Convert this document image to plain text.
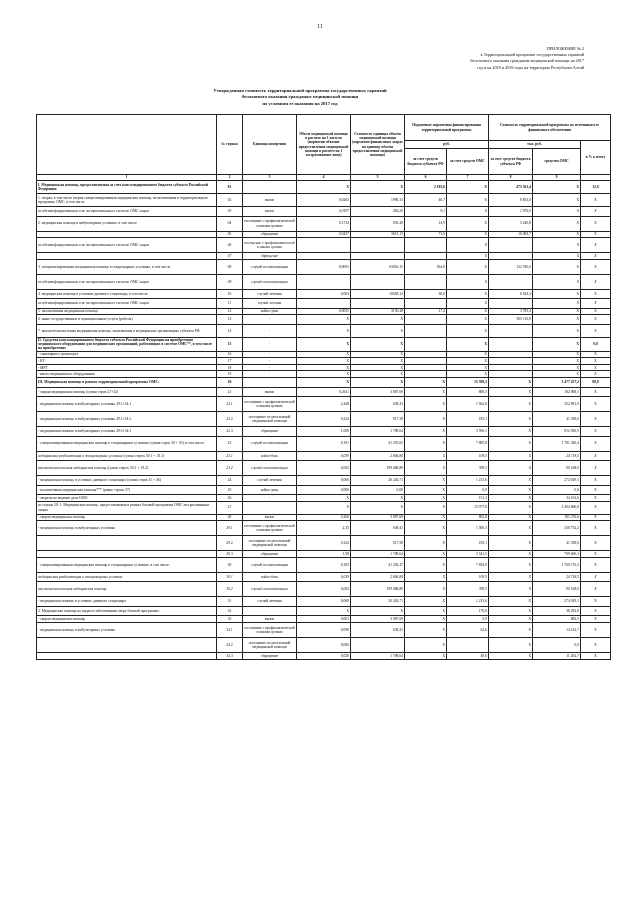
11
ПРИЛОЖЕНИЕ № 2
к Территориальной программе государственных гарантий
бесплатного оказания гражданам медицинской помощи на 2017
год и на 2018 и 2019 годы на территории Республики Алтай
Утвержденная стоимость территориальной программы государственных гарантий
бесплатного оказания гражданам медицинской помощи
по условиям ее оказания на 2017 год
	№ строки	Единица измерения	Объем медицинской помощи в расчете на 1 жителя (норматив объемов предоставления медицинской помощи в расчете на 1 застрахованное лицо)	Стоимость единицы объема медицинской помощи (норматив финансовых затрат на единицу объема предоставления медицинской помощи)	Подушевые нормативы финансирования территориальной программы		Стоимость территориальной программы по источникам ее финансового обеспечения		
					руб.		тыс. руб.		в % к итогу
					за счет средств бюджета субъекта РФ	за счет средств ОМС	за счет средств бюджета субъекта РФ	средства ОМС	
1	2	3	4	5	6	7	8	9	
I. Медицинская помощь, предоставляемая за счет консолидированного бюджета субъекта Российской Федерации	01		X	X	2 185,6	X	475 361,4	X	12,0
1. скорая, в том числе скорая специализированная медицинская помощь, не включенная в территориальную программу ОМС, в том числе	02	вызов	0,0203	1990,13	40,7	X	8 853,0	X	X
не идентифицированным и не застрахованным в системе ОМС лицам	03	вызов	0,0197	450,25	9,1	X	1 976,0	X	X
2. медицинская помощь в амбулаторных условиях, в том числе	04	посещение с профилактической и иными целями	0,1734	835,40	14,9	X	3 240,8	X	X
	05	обращение	0,0457	3615,13	73,6	X	16 083,7	X	X
не идентифицированным и не застрахованным в системе ОМС лицам	06	посещение с профилактической и иными целями				X		X	X
	07	обращение				X		X	X
3. специализированная медицинская помощь в стационарных условиях, в том числе	08	случай госпитализации	0,0091	63016,15	564,0	X	122 910,6	X	X
не идентифицированным и не застрахованным в системе ОМС лицам	09	случай госпитализации				X		X	X
4. медицинская помощь в условиях дневного стационара, в том числе	10	случай лечения	0,003	10658,14	30,0	X	6 544,3	X	X
не идентифицированным и не застрахованным в системе ОМС лицам	11	случай лечения				X		X	X
5. паллиативная медицинская помощь	12	койко-день	0,0055	3150,48	17,4	X	3 785,4	X	X
6. иные государственные и муниципальные услуги (работы)	13	-	X	X		X	305 110,0	X	X
7. высокотехнологичная медицинская помощь, оказываемая в медицинских организациях субъекта РФ	14	-	X	X		X		X	X
II. Средства консолидированного бюджета субъекта Российской Федерации на приобретение медицинского оборудования для медицинских организаций, работающих в системе ОМС**, в том числе на приобретение	15	-	X	X		X		X	0,0
- санитарного транспорта	16	-	X	X		X		X	X
- КТ	17	-	X	X		X		X	X
- МРТ	18	-	X	X		X		X	X
- иного медицинского оборудования	19	-	X	X		X		X	X
III. Медицинская помощь в рамках территориальной программы ОМС:	20		X	X	X	15 399,2	X	3 477 257,2	88,0
- скорая медицинская помощь (сумма строк 27+32)	21	вызов	0,2611	3 087,69	X	806,3	X	182 068,1	X
- медицинская помощь в амбулаторных условиях 29.1+34.1	22.1	посещение с профилактической и иными целями	2,448	638,41	X	1 562,8	X	352 891,9	X
- медицинская помощь в амбулаторных условиях 29.1+34.2	22.2	посещение по неотложной медицинской помощи	0,224	817,58	X	183,1	X	41 358,6	X
- медицинская помощь в амбулаторных условиях 29.3+34.3	22.3	обращение	1,008	1 788,64	X	3 596,1	X	812 030,5	X
- специализированная медицинская помощь в стационарных условиях (сумма строк 30 + 35), в том числе:	23	случай госпитализации	0,191	41 255,02	X	7 885,8	X	1 781 340,4	X
медицинская реабилитация в стационарных условиях (сумма строк 30.1 + 35.1)	23.1	койко-день	0,039	2 806,84	X	109,5	X	24 718,5	X
высокотехнологичная медицинская помощь (сумма строк 30.2 + 35.2)	23.2	случай госпитализации	0,002	199 486,80	X	399,3	X	90 168,0	X
- медицинская помощь в условиях дневного стационара (сумма строк 31 + 36)	24	случай лечения	0,060	20 226,71	X	1 213,6	X	274 029,1	X
- паллиативная медицинская помощь*** (равно строке 37)	25	койко-день	0,000	0,00	X	0,0	X	0,0	X
- затраты на ведение дела СМО	26	-	X	X	X	151,3	X	34 162,6	X
из строки 20: 1. Медицинская помощь, предоставляемая в рамках базовой программы ОМС застрахованным лицам	27		X	X	X	15 077,8	X	3 404 666,8	X
- скорая медицинская помощь	28	вызов	0,260	3 087,69	X	802,8	X	181 276,6	X
- медицинская помощь в амбулаторных условиях	29.1	посещение с профилактической и иными целями	2,35	638,41	X	1 500,3	X	338 752,2	X
	29.2	посещение по неотложной медицинской помощи	0,224	817,58	X	183,1	X	41 358,6	X
	29.3	обращение	1,98	1 788,64	X	3 541,5	X	799 660,3	X
- специализированная медицинская помощь в стационарных условиях, в том числе:	30	случай госпитализации	0,183	41 292,47	X	7 834,9	X	1 769 176,3	X
медицинская реабилитация в стационарных условиях	30.1	койко-день	0,039	2 806,84	X	109,5	X	24 718,5	X
высокотехнологичная медицинская помощь	30.2	случай госпитализации	0,002	199 486,80	X	399,3	X	90 168,0	X
- медицинская помощь в условиях дневного стационара	31	случай лечения	0,060	20 226,71	X	1 213,6	X	274 029,1	X
2. Медицинская помощь по видам и заболеваниям сверх базовой программы:	32		X	X	X	170,0	X	38 292,8	X
- скорая медицинская помощь	33	вызов	0,001	3 087,69	X	3,9	X	882,5	X
- медицинская помощь в амбулаторных условиях	34.1	посещение с профилактической и иными целями	0,098	638,41	X	62,6	X	14 142,7	X
	34.2	посещение по неотложной медицинской помощи	0,000		X		X	0,0	X
	34.3	обращение	0,028	1 788,64	X	49,6	X	11 202,7	X
